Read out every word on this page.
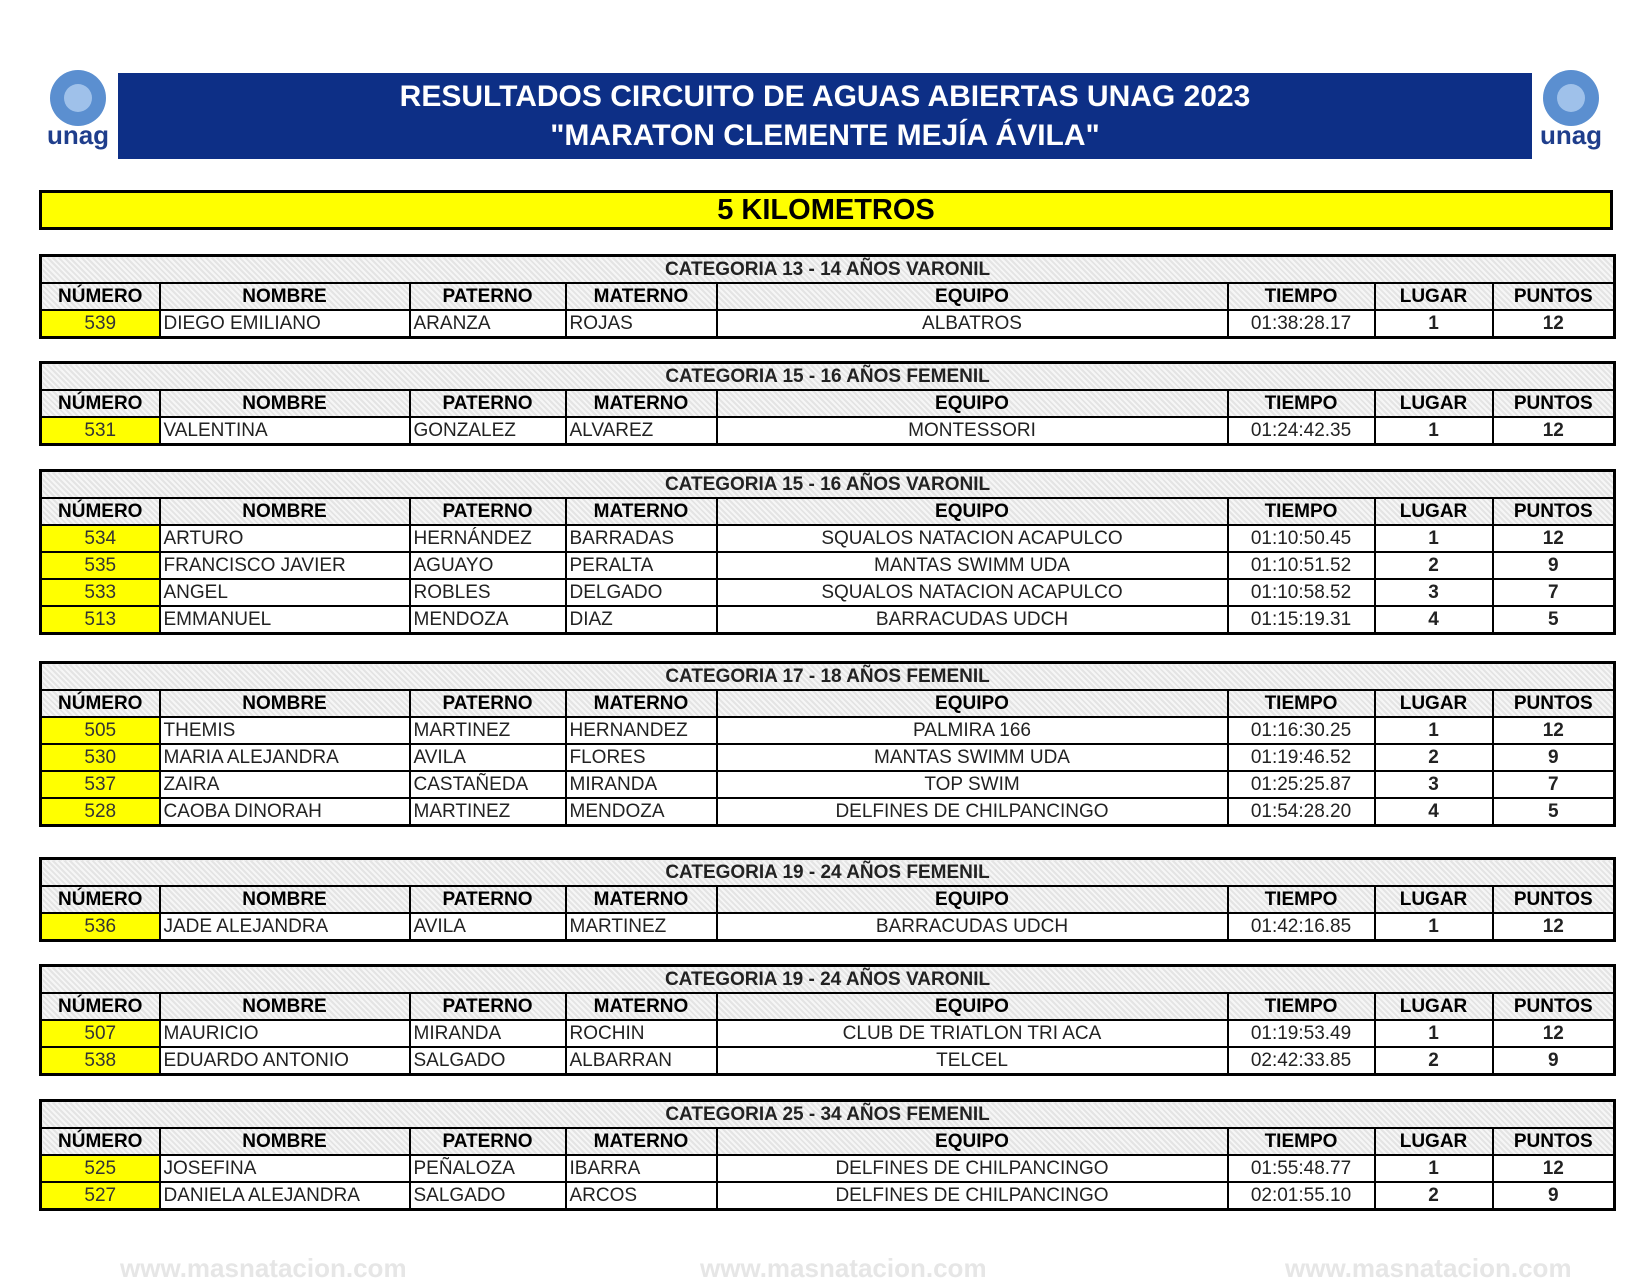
unag	unag
RESULTADOS CIRCUITO DE AGUAS ABIERTAS UNAG 2023
"MARATON CLEMENTE MEJÍA ÁVILA"
5 KILOMETROS
CATEGORIA 13 - 14 AÑOS VARONIL							
NÚMERO	NOMBRE	PATERNO	MATERNO	EQUIPO	TIEMPO	LUGAR	PUNTOS
539	DIEGO EMILIANO	ARANZA	ROJAS	ALBATROS	01:38:28.17	1	12
CATEGORIA 15 - 16 AÑOS FEMENIL							
NÚMERO	NOMBRE	PATERNO	MATERNO	EQUIPO	TIEMPO	LUGAR	PUNTOS
531	VALENTINA	GONZALEZ	ALVAREZ	MONTESSORI	01:24:42.35	1	12
CATEGORIA 15 - 16 AÑOS VARONIL							
NÚMERO	NOMBRE	PATERNO	MATERNO	EQUIPO	TIEMPO	LUGAR	PUNTOS
534	ARTURO	HERNÁNDEZ	BARRADAS	SQUALOS NATACION ACAPULCO	01:10:50.45	1	12
535	FRANCISCO JAVIER	AGUAYO	PERALTA	MANTAS SWIMM UDA	01:10:51.52	2	9
533	ANGEL	ROBLES	DELGADO	SQUALOS NATACION ACAPULCO	01:10:58.52	3	7
513	EMMANUEL	MENDOZA	DIAZ	BARRACUDAS UDCH	01:15:19.31	4	5
CATEGORIA 17 - 18 AÑOS FEMENIL							
NÚMERO	NOMBRE	PATERNO	MATERNO	EQUIPO	TIEMPO	LUGAR	PUNTOS
505	THEMIS	MARTINEZ	HERNANDEZ	PALMIRA 166	01:16:30.25	1	12
530	MARIA ALEJANDRA	AVILA	FLORES	MANTAS SWIMM UDA	01:19:46.52	2	9
537	ZAIRA	CASTAÑEDA	MIRANDA	TOP SWIM	01:25:25.87	3	7
528	CAOBA DINORAH	MARTINEZ	MENDOZA	DELFINES DE CHILPANCINGO	01:54:28.20	4	5
CATEGORIA 19 - 24 AÑOS FEMENIL							
NÚMERO	NOMBRE	PATERNO	MATERNO	EQUIPO	TIEMPO	LUGAR	PUNTOS
536	JADE ALEJANDRA	AVILA	MARTINEZ	BARRACUDAS UDCH	01:42:16.85	1	12
CATEGORIA 19 - 24 AÑOS VARONIL							
NÚMERO	NOMBRE	PATERNO	MATERNO	EQUIPO	TIEMPO	LUGAR	PUNTOS
507	MAURICIO	MIRANDA	ROCHIN	CLUB DE TRIATLON TRI ACA	01:19:53.49	1	12
538	EDUARDO ANTONIO	SALGADO	ALBARRAN	TELCEL	02:42:33.85	2	9
CATEGORIA 25 - 34 AÑOS FEMENIL							
NÚMERO	NOMBRE	PATERNO	MATERNO	EQUIPO	TIEMPO	LUGAR	PUNTOS
525	JOSEFINA	PEÑALOZA	IBARRA	DELFINES DE CHILPANCINGO	01:55:48.77	1	12
527	DANIELA ALEJANDRA	SALGADO	ARCOS	DELFINES DE CHILPANCINGO	02:01:55.10	2	9
www.masnatacion.com	www.masnatacion.com	www.masnatacion.com
